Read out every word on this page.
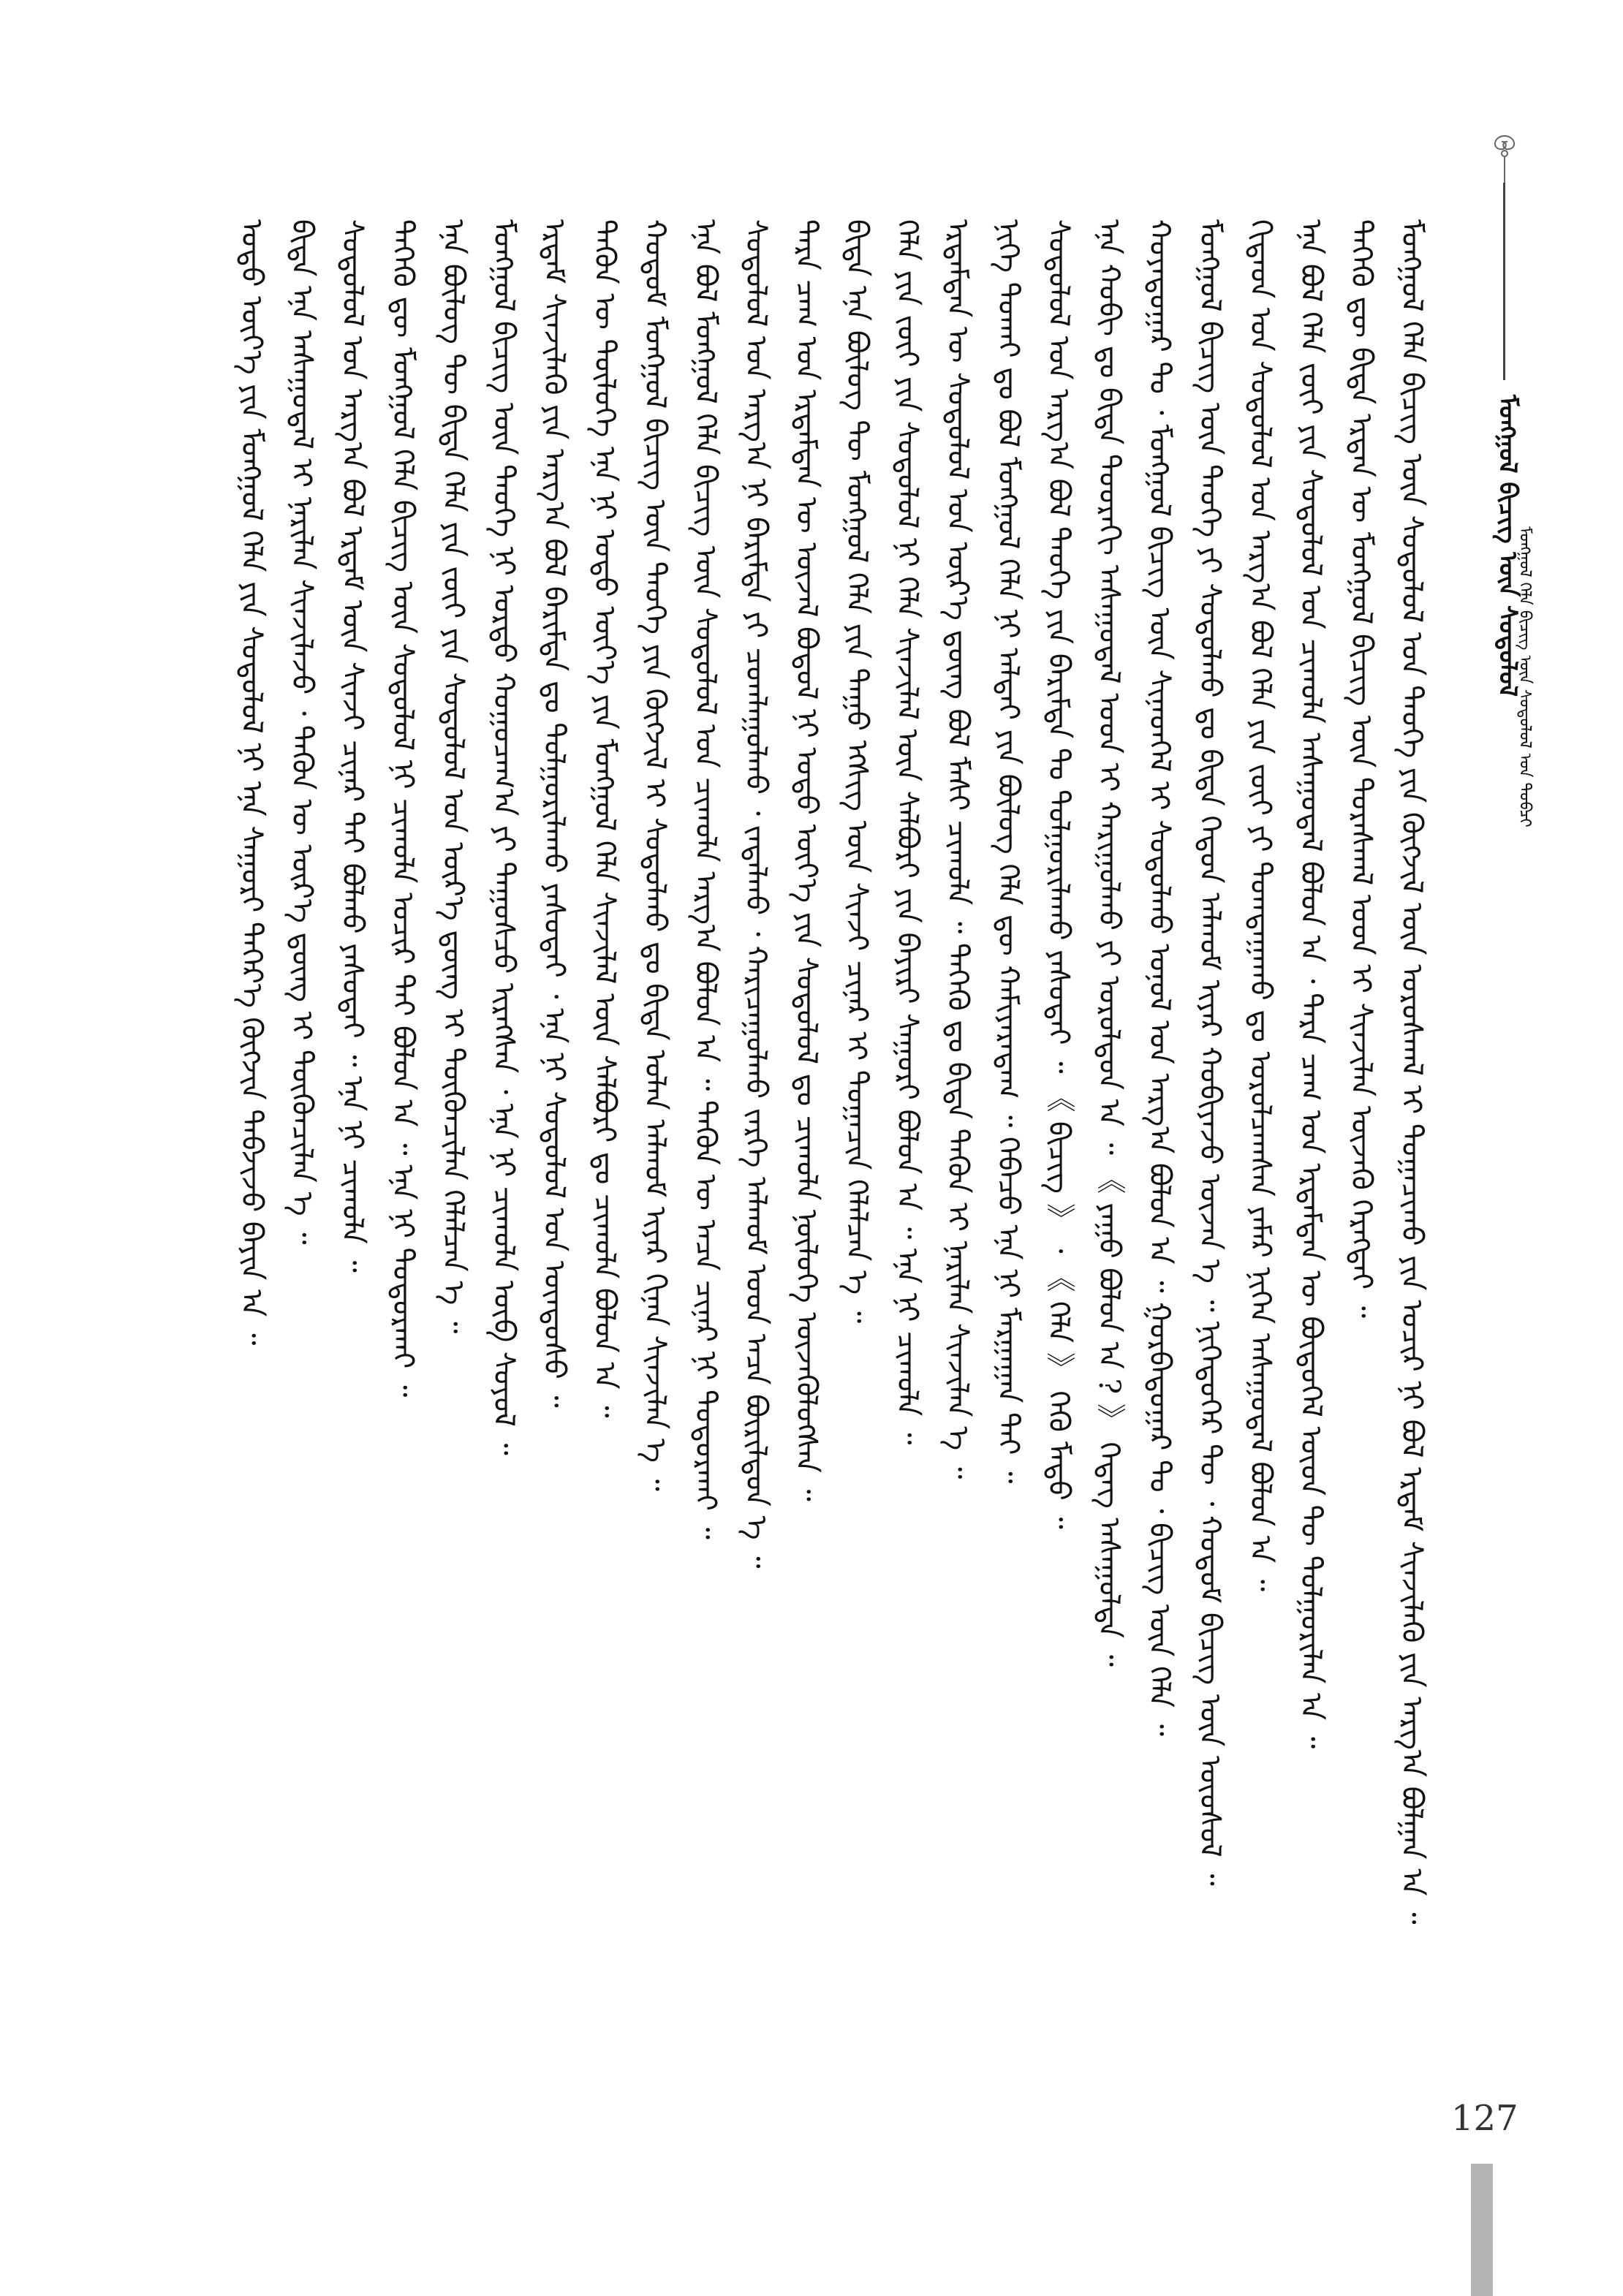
ᠮᠣᠩᠭᠣᠯ ᠪᠢᠴᠢᠭ ᠦᠨ ᠰᠤᠳᠤᠯᠤᠯ
ᠮᠣᠩᠭᠣᠯ ᠬᠡᠯᠡ ᠪᠢᠴᠢᠭ ᠦᠨ ᠰᠤᠳᠤᠯᠤᠯ ᠤᠨ ᠲᠣᠪᠴᠢ
ᠮᠣᠩᠭᠣᠯ ᠬᠡᠯᠡ ᠪᠢᠴᠢᠭ ᠦᠨ ᠰᠤᠳᠤᠯᠤᠯ ᠤᠨ ᠲᠡᠦᠬᠡ ᠶᠢᠨ ᠬᠥᠭᠵᠢᠯ ᠦᠨ ᠤᠷᠤᠰᠬᠠᠯ ᠢ ᠲᠣᠭᠠᠴᠢᠬᠤ ᠶᠢᠨ ᠤᠴᠢᠷ ᠨᠢ ᠪᠣᠯ ᠡᠷᠳᠡᠮ ᠰᠢᠨᠵᠢᠯᠡᠬᠦ ᠶᠢᠨ ᠠᠷᠭ᠎ᠠ ᠪᠣᠯᠭᠠᠨ ᠠ ᠃
ᠲᠡᠭᠡᠬᠦ ᠳᠦ ᠪᠢᠳᠡ ᠡᠷᠲᠡᠨ ᠦ ᠮᠣᠩᠭᠣᠯ ᠪᠢᠴᠢᠭ ᠦᠨ ᠳᠤᠷᠠᠰᠬᠠᠯ ᠤᠳ ᠢ ᠰᠢᠨᠵᠢᠯᠡᠨ ᠦᠵᠡᠬᠦ ᠬᠡᠷᠡᠭᠲᠡᠢ ᠃
ᠡᠨᠡ ᠪᠣᠯ ᠬᠡᠯᠡ ᠵᠦᠢ ᠶᠢᠨ ᠰᠤᠳᠤᠯᠤᠯ ᠤᠨ ᠴᠢᠬᠤᠯᠠ ᠠᠰᠠᠭᠤᠳᠠᠯ ᠪᠣᠯᠤᠨ ᠠ ᠂ ᠲᠡᠷᠡ ᠴᠠᠭ ᠤᠨ ᠡᠷᠳᠡᠮᠲᠡᠨ ᠦ ᠪᠦᠲᠦᠭᠡᠯ ᠦᠳ ᠲᠦ ᠲᠤᠯᠭᠤᠷᠢᠯᠠᠨ ᠠ ᠃
ᠬᠢᠲᠠᠳ ᠤᠨ ᠰᠤᠳᠤᠯᠤᠯ ᠤᠨ ᠠᠷᠭ᠎ᠠ ᠪᠣᠯ ᠬᠡᠯᠡ ᠶᠢᠨ ᠵᠦᠢ ᠶᠢ ᠲᠣᠭᠲᠠᠭᠠᠬᠤ ᠳᠤ ᠣᠷᠣᠯᠴᠠᠭᠰᠠᠨ ᠶᠠᠮᠠᠷ ᠨᠢᠭᠡᠨ ᠠᠰᠠᠭᠤᠳᠠᠯ ᠪᠣᠯᠤᠨ ᠠ ᠃
ᠮᠣᠩᠭᠣᠯ ᠪᠢᠴᠢᠭ ᠦᠨ ᠲᠡᠦᠬᠡ ᠶᠢ ᠰᠤᠳᠤᠯᠬᠤ ᠳᠤ ᠪᠢᠳᠡ ᠬᠡᠳᠦᠨ ᠠᠯᠬᠤᠮ ᠢᠶᠠᠷ ᠬᠤᠪᠢᠶᠠᠵᠤ ᠦᠵᠡᠨ ᠡ ᠃ ᠨᠢᠭᠡᠳᠦᠭᠡᠷ ᠲᠦ ᠂ ᠬᠤᠳᠤᠮ ᠪᠢᠴᠢᠭ ᠦᠨ ᠦᠦᠰᠦᠯ ᠃
ᠬᠣᠶᠠᠳᠤᠭᠠᠷ ᠲᠤ ᠂ ᠮᠣᠩᠭᠣᠯ ᠪᠢᠴᠢᠭ ᠦᠨ ᠰᠢᠨᠡᠳᠬᠡᠯ ᠢ ᠰᠤᠳᠤᠯᠬᠤ ᠣᠨᠣᠯ ᠤᠨ ᠠᠷᠭ᠎ᠠ ᠪᠣᠯᠤᠨ ᠠ ᠃ ᠭᠤᠷᠪᠠᠳᠤᠭᠠᠷ ᠲᠤ ᠂ ᠪᠢᠴᠢᠭ ᠦᠨ ᠬᠡᠯᠡ ᠃
ᠡᠨᠡ ᠬᠤᠪᠢ ᠳᠤ ᠪᠢᠳᠡ ᠳᠣᠣᠷᠠᠬᠢ ᠠᠰᠠᠭᠤᠳᠠᠯ ᠤᠳ ᠢ ᠬᠠᠷᠢᠭᠤᠯᠬᠤ ᠶᠢ ᠣᠷᠣᠯᠳᠤᠨ ᠠ ᠃ 《 ᠶᠠᠭᠤ ᠪᠣᠯᠤᠨ ᠠ ? 》 ᠭᠡᠳᠡᠭ ᠠᠰᠠᠭᠤᠯᠲᠠ ᠃
ᠰᠤᠳᠤᠯᠤᠯ ᠤᠨ ᠠᠷᠭ᠎ᠠ ᠪᠣᠯ ᠲᠡᠦᠬᠡ ᠶᠢᠨ ᠪᠠᠷᠢᠮᠲᠠ ᠲᠤ ᠲᠤᠯᠭᠤᠷᠢᠯᠠᠬᠤ ᠶᠠᠰᠤᠲᠠᠢ ᠃ 《 ᠪᠢᠴᠢᠭ 》 ᠂ 《 ᠬᠡᠯᠡ 》 ᠭᠡᠬᠦ ᠮᠡᠲᠦ ᠃
ᠨᠢᠭᠡ ᠲᠤᠬᠠᠢ ᠳᠤ ᠪᠣᠯ ᠮᠣᠩᠭᠣᠯ ᠬᠡᠯᠡ ᠨᠢ ᠠᠯᠲᠠᠢ ᠶᠢᠨ ᠪᠦᠯᠦᠭ ᠬᠡᠯᠡ ᠳᠦ ᠬᠠᠮᠢᠶᠠᠷᠠᠳᠠᠭ ᠃ ᠭᠡᠪᠡᠴᠦ ᠡᠨᠡ ᠨᠢ ᠮᠠᠷᠭᠠᠭᠠᠨ ᠲᠠᠢ ᠃
ᠡᠷᠳᠡᠮᠲᠡᠨ ᠦ ᠰᠤᠳᠤᠯᠤᠯ ᠤᠨ ᠦᠷ᠎ᠡ ᠳ᠋ᠦᠩ ᠪᠣᠯ ᠮᠠᠰᠢ ᠴᠢᠬᠤᠯᠠ ᠃ ᠲᠡᠭᠡᠬᠦ ᠳᠤ ᠪᠢᠳᠡ ᠲᠡᠭᠦᠨ ᠢ ᠨᠠᠷᠢᠯᠠᠨ ᠰᠢᠨᠵᠢᠯᠡᠨ ᠡ ᠃
ᠬᠡᠯᠡ ᠶᠢᠨ ᠵᠦᠢ ᠶᠢᠨ ᠰᠤᠳᠤᠯᠤᠯ ᠨᠢ ᠬᠡᠯᠡ ᠰᠢᠨᠵᠢᠯᠡᠯ ᠦᠨ ᠰᠠᠯᠪᠤᠷᠢ ᠶᠢᠨ ᠪᠠᠶᠢᠷᠢ ᠰᠠᠭᠤᠷᠢ ᠪᠣᠯᠤᠨ ᠠ ᠃ ᠡᠨᠡ ᠨᠢ ᠴᠢᠬᠤᠯᠠ ᠃
ᠪᠢᠳᠡ ᠡᠨᠡ ᠪᠦᠯᠦᠭ ᠲᠦ ᠮᠣᠩᠭᠣᠯ ᠬᠡᠯᠡ ᠶᠢᠨ ᠳᠠᠭᠤ ᠡᠭᠰᠢᠭ ᠦᠨ ᠰᠢᠨᠵᠢ ᠴᠢᠨᠠᠷ ᠢ ᠲᠣᠭᠠᠴᠢᠨ ᠬᠡᠯᠡᠯᠴᠡᠨ ᠡ ᠃
ᠲᠡᠷᠡ ᠴᠠᠭ ᠤᠨ ᠡᠷᠳᠡᠮᠲᠡᠨ ᠦ ᠦᠵᠡᠯ ᠪᠣᠳᠤᠯ ᠨᠢ ᠣᠳᠣ ᠦᠶ᠎ᠡ ᠶᠢᠨ ᠰᠤᠳᠤᠯᠤᠯ ᠳᠤ ᠴᠢᠬᠤᠯᠠ ᠨᠥᠯᠦᠭᠡ ᠦᠵᠡᠭᠦᠯᠦᠭᠰᠡᠨ ᠃
ᠰᠤᠳᠤᠯᠤᠯ ᠤᠨ ᠠᠷᠭ᠎ᠠ ᠨᠢ ᠪᠠᠷᠢᠮᠲᠠ ᠶᠢ ᠴᠤᠭᠯᠠᠭᠤᠯᠬᠤ ᠂ ᠵᠠᠳᠠᠯᠬᠤ ᠂ ᠬᠠᠷᠢᠴᠠᠭᠤᠯᠬᠤ ᠵᠡᠷᠭᠡ ᠠᠯᠬᠤᠮ ᠤᠳ ᠠᠴᠠ ᠪᠦᠷᠢᠯᠳᠦᠨ ᠡ ᠃
ᠡᠨᠡ ᠪᠣᠯ ᠮᠣᠩᠭᠣᠯ ᠬᠡᠯᠡ ᠪᠢᠴᠢᠭ ᠦᠨ ᠰᠤᠳᠤᠯᠤᠯ ᠤᠨ ᠴᠢᠬᠤᠯᠠ ᠠᠷᠭ᠎ᠠ ᠪᠣᠯᠤᠨ ᠠ ᠃ ᠲᠡᠭᠦᠨ ᠦ ᠠᠴᠠ ᠴᠢᠨᠠᠷ ᠨᠢ ᠲᠣᠳᠤᠷᠬᠠᠢ ᠃
ᠬᠤᠳᠤᠮ ᠮᠣᠩᠭᠣᠯ ᠪᠢᠴᠢᠭ ᠦᠨ ᠲᠡᠦᠬᠡ ᠶᠢᠨ ᠬᠥᠭᠵᠢᠯ ᠢ ᠰᠤᠳᠤᠯᠬᠤ ᠳᠤ ᠪᠢᠳᠡ ᠣᠯᠠᠨ ᠠᠯᠬᠤᠮ ᠢᠶᠠᠷ ᠬᠢᠨᠠᠨ ᠰᠢᠨᠵᠢᠯᠡᠨ ᠡ ᠃
ᠲᠡᠭᠦᠨ ᠦ ᠲᠥᠯᠦᠭᠡ ᠡᠨᠡ ᠨᠢ ᠣᠳᠣ ᠦᠶ᠎ᠡ ᠶᠢᠨ ᠮᠣᠩᠭᠣᠯ ᠬᠡᠯᠡ ᠰᠢᠨᠵᠢᠯᠡᠯ ᠦᠨ ᠰᠠᠯᠪᠤᠷᠢ ᠳᠤ ᠴᠢᠬᠤᠯᠠ ᠪᠣᠯᠤᠨ ᠠ ᠃
ᠡᠷᠳᠡᠮ ᠰᠢᠨᠵᠢᠯᠡᠬᠦ ᠶᠢᠨ ᠠᠷᠭ᠎ᠠ ᠪᠣᠯ ᠪᠠᠷᠢᠮᠲᠠ ᠳᠤ ᠲᠤᠯᠭᠤᠷᠢᠯᠠᠬᠤ ᠶᠠᠰᠤᠲᠠᠢ ᠂ ᠡᠨᠡ ᠨᠢ ᠰᠤᠳᠤᠯᠤᠯ ᠤᠨ ᠦᠨᠳᠦᠰᠦ ᠃
ᠮᠣᠩᠭᠣᠯ ᠪᠢᠴᠢᠭ ᠦᠨ ᠲᠡᠦᠬᠡ ᠨᠢ ᠤᠷᠲᠤ ᠬᠤᠭᠤᠴᠠᠭ᠎ᠠ ᠶᠢ ᠳᠠᠭᠤᠰᠴᠤ ᠢᠷᠡᠭᠰᠡᠨ ᠂ ᠡᠨᠡ ᠨᠢ ᠴᠢᠬᠤᠯᠠ ᠦᠪ ᠰᠣᠶᠣᠯ ᠃
ᠡᠨᠡ ᠪᠦᠯᠦᠭ ᠲᠦ ᠪᠢᠳᠡ ᠬᠡᠯᠡ ᠶᠢᠨ ᠵᠦᠢ ᠶᠢᠨ ᠰᠤᠳᠤᠯᠤᠯ ᠤᠨ ᠦᠷ᠎ᠡ ᠳ᠋ᠦᠩ ᠢ ᠳᠦᠭᠦᠨᠴᠢᠯᠡᠨ ᠬᠡᠯᠡᠯᠴᠡᠨ ᠡ ᠃
ᠲᠡᠭᠡᠬᠦ ᠳᠦ ᠮᠣᠩᠭᠣᠯ ᠬᠡᠯᠡ ᠪᠢᠴᠢᠭ ᠦᠨ ᠰᠤᠳᠤᠯᠤᠯ ᠨᠢ ᠴᠢᠬᠤᠯᠠ ᠤᠴᠢᠷ ᠲᠠᠢ ᠪᠣᠯᠤᠨ ᠠ ᠃ ᠡᠨᠡ ᠨᠢ ᠲᠣᠳᠤᠷᠬᠠᠢ ᠃
ᠰᠤᠳᠤᠯᠤᠯ ᠤᠨ ᠠᠷᠭ᠎ᠠ ᠪᠣᠯ ᠡᠷᠳᠡᠮ ᠦᠨ ᠰᠢᠨᠵᠢ ᠴᠢᠨᠠᠷ ᠲᠠᠢ ᠪᠣᠯᠬᠤ ᠶᠠᠰᠤᠲᠠᠢ ᠃ ᠡᠨᠡ ᠨᠢ ᠴᠢᠬᠤᠯᠠ ᠃
ᠪᠢᠳᠡ ᠡᠨᠡ ᠠᠰᠠᠭᠤᠳᠠᠯ ᠢ ᠨᠠᠷᠢᠯᠠᠨ ᠰᠢᠨᠵᠢᠯᠡᠵᠦ ᠂ ᠲᠡᠭᠦᠨ ᠦ ᠦᠷ᠎ᠡ ᠳ᠋ᠦᠩ ᠢ ᠳᠦᠭᠦᠨᠴᠢᠯᠡᠨ ᠡ ᠃
ᠣᠳᠣ ᠦᠶ᠎ᠡ ᠶᠢᠨ ᠮᠣᠩᠭᠣᠯ ᠬᠡᠯᠡ ᠶᠢᠨ ᠰᠤᠳᠤᠯᠤᠯ ᠨᠢ ᠡᠨᠡ ᠰᠠᠭᠤᠷᠢ ᠳᠡᠭᠡᠷ᠎ᠡ ᠬᠥᠭᠵᠢᠨ ᠳᠡᠪᠵᠢᠵᠦ ᠪᠠᠶᠢᠨ ᠠ ᠃
127
